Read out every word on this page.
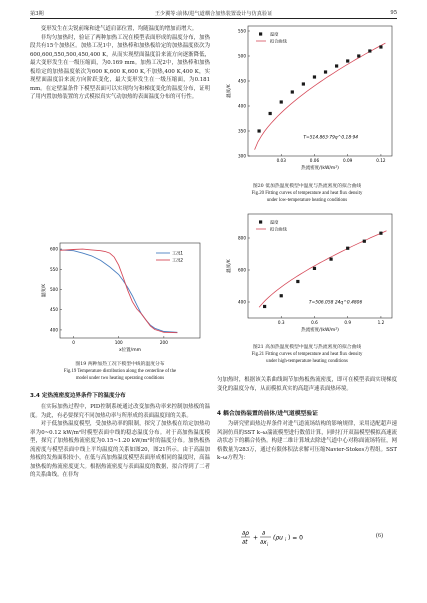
第3期	王少翼等:前体/进气道耦合加热装置设计与仿真验证	95

变形发生在尖锐前缘和进气道肩部位置，均随温度的增加而增大。

非均匀加热时，验证了两种加热工况在模型表面形成的温度分布，加热段共有15个加热区。加热工况1中，加热棒和加热板给定的加热温度依次为600,600,550,500,450,400 K，从而实现壁面温度沿来流方向逐渐降低，最大变形发生在一级压缩面，为0.169 mm。加热工况2中，加热棒和加热板给定的加热温度依次为600 K,600 K,600 K,不加热,400 K,400 K，实现壁面温度沿来流方向阶跃变化，最大变形发生在一级压缩面，为0.181 mm。在定壁温条件下模型表面可以实现均匀和梯度变化的温度分布，证明了用内置加热装置的方式模拟真实气动加热的表面温度分布的可行性。

400
450
500
550
600
0	100	200
x位置/mm
温度/K
工况1
工况2
图19 两种加热工况下模型中线的温度分布
Fig.19 Temperature distribution along the centerline of the
model under two heating operating conditions
3.4 定热流密度边界条件下的温度分布

在实际加热过程中，PID控制系统通过改变加热功率来控制加热板的温度。为此，有必要探究不同加热功率与所形成的表面温度间的关系。

对于低加热温度模型，受加热功率的限制，探究了加热板在给定加热功率为0~0.12 kW/m²时模型表面中线的稳态温度分布。对于高加热温度模型，探究了加热板热流密度为0.15~1.20 kW/m²时的温度分布。加热板热流密度与模型表面中线上平均温度的关系如图20，图21所示。由于高温加热板的发热面积较小，在低与高加热温度模型表面形成相同的温度时，高温加热板的热流密度更大。根据热流密度与表面温度的数据，拟合得到了二者的关系曲线。在非均

300
350
400
450
500
550
0.03	0.06	0.09	0.12
热流密度/(kW/m²)
温度/K
温度
拟合曲线
T=514.863·79q^0.18·94
图20 低加热温度模型中温度与热流密度的拟合曲线
Fig.20 Fitting curves of temperature and heat flux density
under low-temperature heating conditions
400
600
800
0.3	0.6	0.9	1.2
热流密度/(kW/m²)
温度/K
温度
拟合曲线
T=506.058 24q^0.4806
图21 高加热温度模型中温度与热流密度的拟合曲线
Fig.21 Fitting curves of temperature and heat flux density
under high-temperature heating conditions

匀加热时，根据该关系曲线调节加热板热流密度，即可在模型表面实现梯度变化的温度分布，从而模拟真实的高超声速表面热环境。

4 耦合加热装置的前体/进气道模型验证

为研究壁面热边界条件对进气道流场结构的影响规律，采用适配超声速风洞仿真的SST k–ω湍流模型进行数值计算，同时打开双温模型模拟高速流动状态下的耦合传热。构建二维计算域去除进气道中心对称面流场特征，网格数量为283万，通过有限体积法求解可压缩Navier-Stokes方程组。SST k–ω方程为：

∂ρ
∂t
+
∂
∂x i
(ρu i ) = 0	(6)
